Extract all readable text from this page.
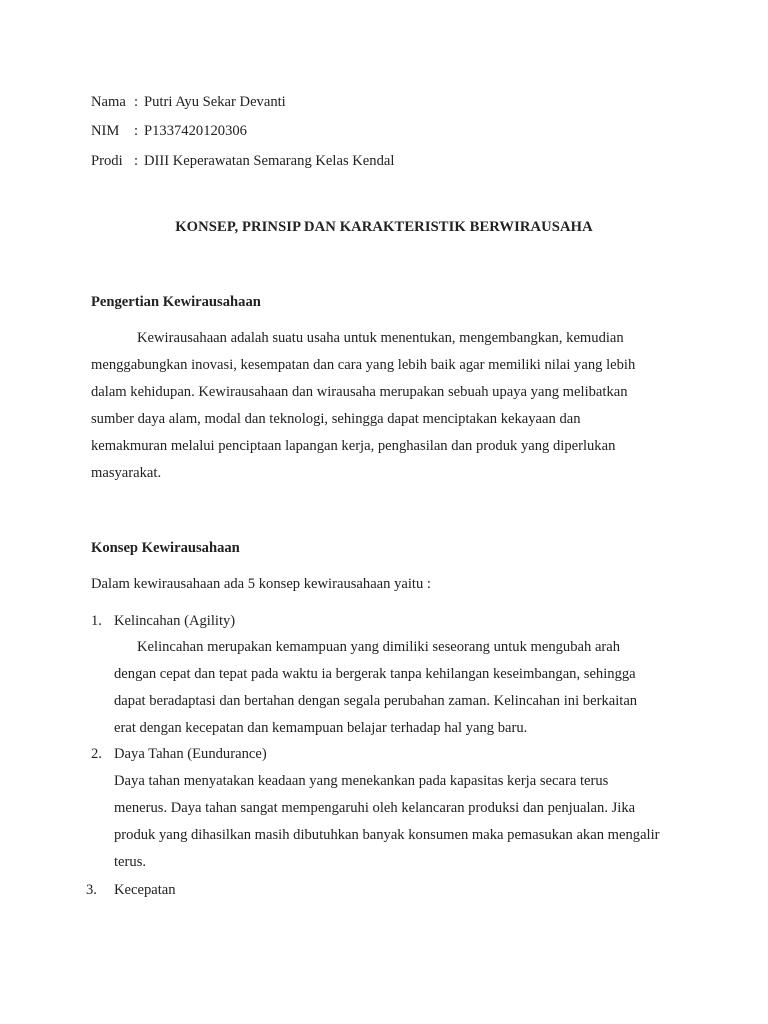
Nama : Putri Ayu Sekar Devanti
NIM : P1337420120306
Prodi : DIII Keperawatan Semarang Kelas Kendal
KONSEP, PRINSIP DAN KARAKTERISTIK BERWIRAUSAHA
Pengertian Kewirausahaan
Kewirausahaan adalah suatu usaha untuk menentukan, mengembangkan, kemudian
menggabungkan inovasi, kesempatan dan cara yang lebih baik agar memiliki nilai yang lebih
dalam kehidupan. Kewirausahaan dan wirausaha merupakan sebuah upaya yang melibatkan
sumber daya alam, modal dan teknologi, sehingga dapat menciptakan kekayaan dan
kemakmuran melalui penciptaan lapangan kerja, penghasilan dan produk yang diperlukan
masyarakat.
Konsep Kewirausahaan
Dalam kewirausahaan ada 5 konsep kewirausahaan yaitu :
1. Kelincahan (Agility)
Kelincahan merupakan kemampuan yang dimiliki seseorang untuk mengubah arah
dengan cepat dan tepat pada waktu ia bergerak tanpa kehilangan keseimbangan, sehingga
dapat beradaptasi dan bertahan dengan segala perubahan zaman. Kelincahan ini berkaitan
erat dengan kecepatan dan kemampuan belajar terhadap hal yang baru.
2. Daya Tahan (Eundurance)
Daya tahan menyatakan keadaan yang menekankan pada kapasitas kerja secara terus
menerus. Daya tahan sangat mempengaruhi oleh kelancaran produksi dan penjualan. Jika
produk yang dihasilkan masih dibutuhkan banyak konsumen maka pemasukan akan mengalir
terus.
3. Kecepatan
